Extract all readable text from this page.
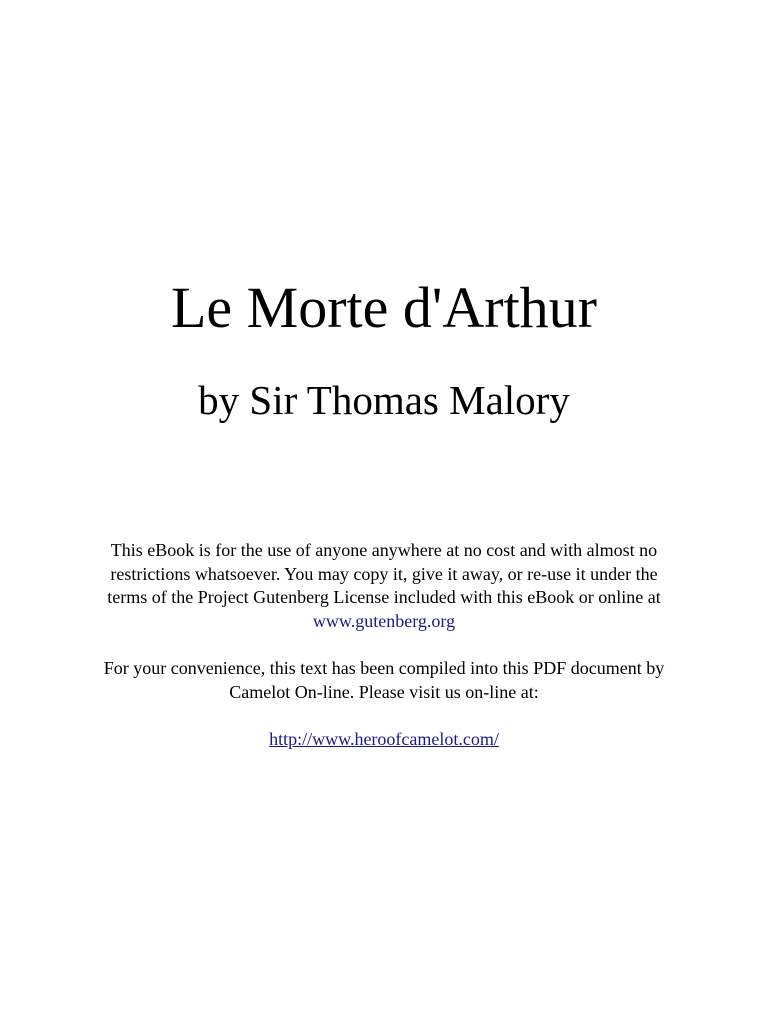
Le Morte d'Arthur
by Sir Thomas Malory

This eBook is for the use of anyone anywhere at no cost and with almost no
restrictions whatsoever. You may copy it, give it away, or re-use it under the
terms of the Project Gutenberg License included with this eBook or online at
www.gutenberg.org

For your convenience, this text has been compiled into this PDF document by
Camelot On-line. Please visit us on-line at:

http://www.heroofcamelot.com/
